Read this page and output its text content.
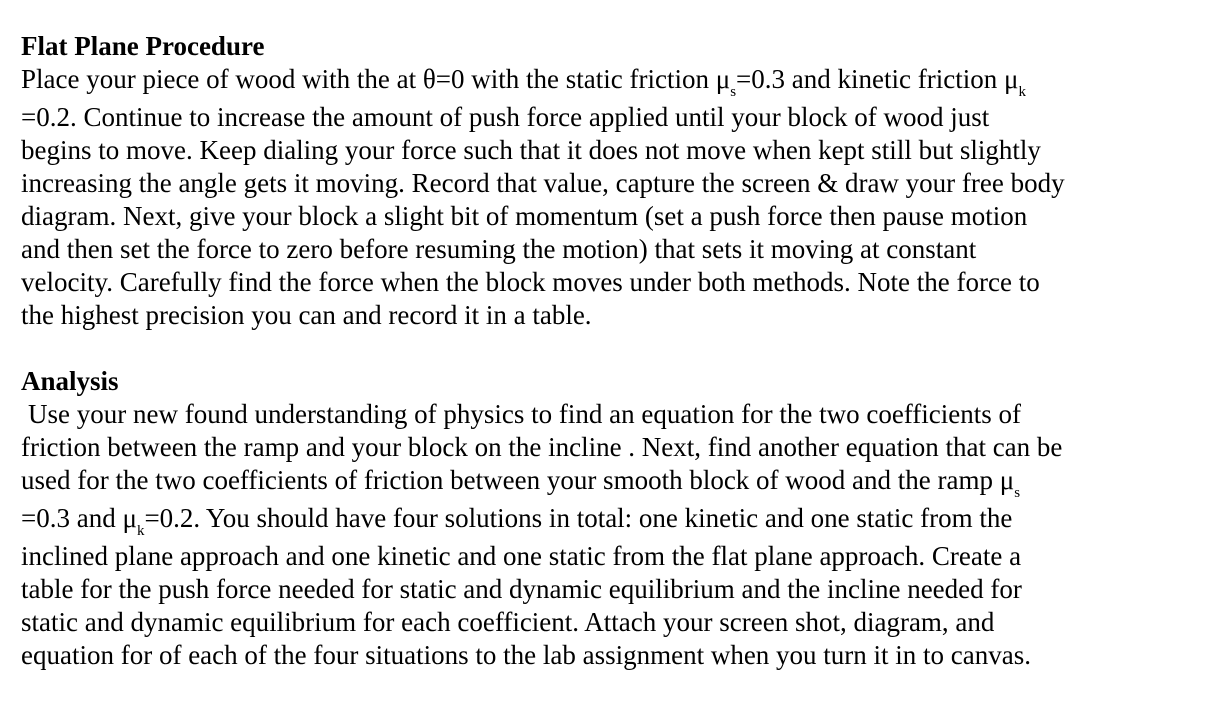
Flat Plane Procedure

Place your piece of wood with the at θ=0 with the static friction $\mu_s=0.3$ and kinetic friction $\mu_k$
=0.2. Continue to increase the amount of push force applied until your block of wood just
begins to move. Keep dialing your force such that it does not move when kept still but slightly
increasing the angle gets it moving. Record that value, capture the screen & draw your free body
diagram. Next, give your block a slight bit of momentum (set a push force then pause motion
and then set the force to zero before resuming the motion) that sets it moving at constant
velocity. Carefully find the force when the block moves under both methods. Note the force to
the highest precision you can and record it in a table.

Analysis

Use your new found understanding of physics to find an equation for the two coefficients of
friction between the ramp and your block on the incline . Next, find another equation that can be
used for the two coefficients of friction between your smooth block of wood and the ramp $\mu_s$
=0.3 and $\mu_k=0.2$. You should have four solutions in total: one kinetic and one static from the
inclined plane approach and one kinetic and one static from the flat plane approach. Create a
table for the push force needed for static and dynamic equilibrium and the incline needed for
static and dynamic equilibrium for each coefficient. Attach your screen shot, diagram, and
equation for of each of the four situations to the lab assignment when you turn it in to canvas.
